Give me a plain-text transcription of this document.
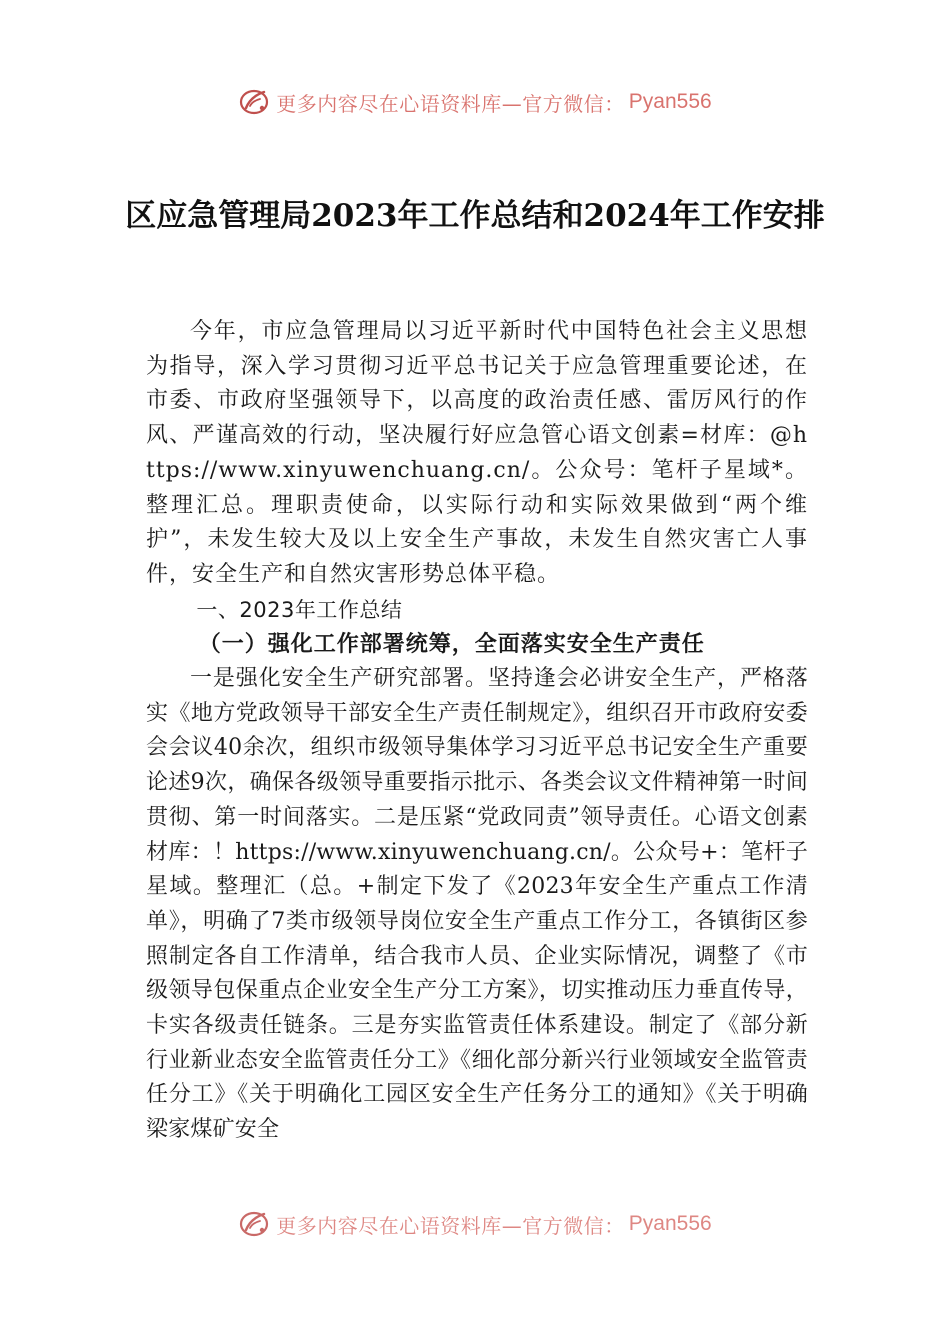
更多内容尽在心语资料库—官方微信： Pyan556
区应急管理局2023年工作总结和2024年工作安排

今年，市应急管理局以习近平新时代中国特色社会主义思想为指导，深入学习贯彻习近平总书记关于应急管理重要论述，在市委、市政府坚强领导下，以高度的政治责任感、雷厉风行的作风、严谨高效的行动，坚决履行好应急管心语文创素=材库：@https://www.xinyuwenchuang.cn/。公众号：笔杆子星域*。整理汇总。理职责使命，以实际行动和实际效果做到“两个维护”，未发生较大及以上安全生产事故，未发生自然灾害亡人事件，安全生产和自然灾害形势总体平稳。

一、2023年工作总结

（一）强化工作部署统筹，全面落实安全生产责任

一是强化安全生产研究部署。坚持逢会必讲安全生产，严格落实《地方党政领导干部安全生产责任制规定》，组织召开市政府安委会会议40余次，组织市级领导集体学习习近平总书记安全生产重要论述9次，确保各级领导重要指示批示、各类会议文件精神第一时间贯彻、第一时间落实。二是压紧“党政同责”领导责任。心语文创素材库：！https://www.xinyuwenchuang.cn/。公众号+：笔杆子星域。整理汇（总。+制定下发了《2023年安全生产重点工作清单》，明确了7类市级领导岗位安全生产重点工作分工，各镇街区参照制定各自工作清单，结合我市人员、企业实际情况，调整了《市级领导包保重点企业安全生产分工方案》，切实推动压力垂直传导，卡实各级责任链条。三是夯实监管责任体系建设。制定了《部分新行业新业态安全监管责任分工》《细化部分新兴行业领域安全监管责任分工》《关于明确化工园区安全生产任务分工的通知》《关于明确梁家煤矿安全

更多内容尽在心语资料库—官方微信： Pyan556
